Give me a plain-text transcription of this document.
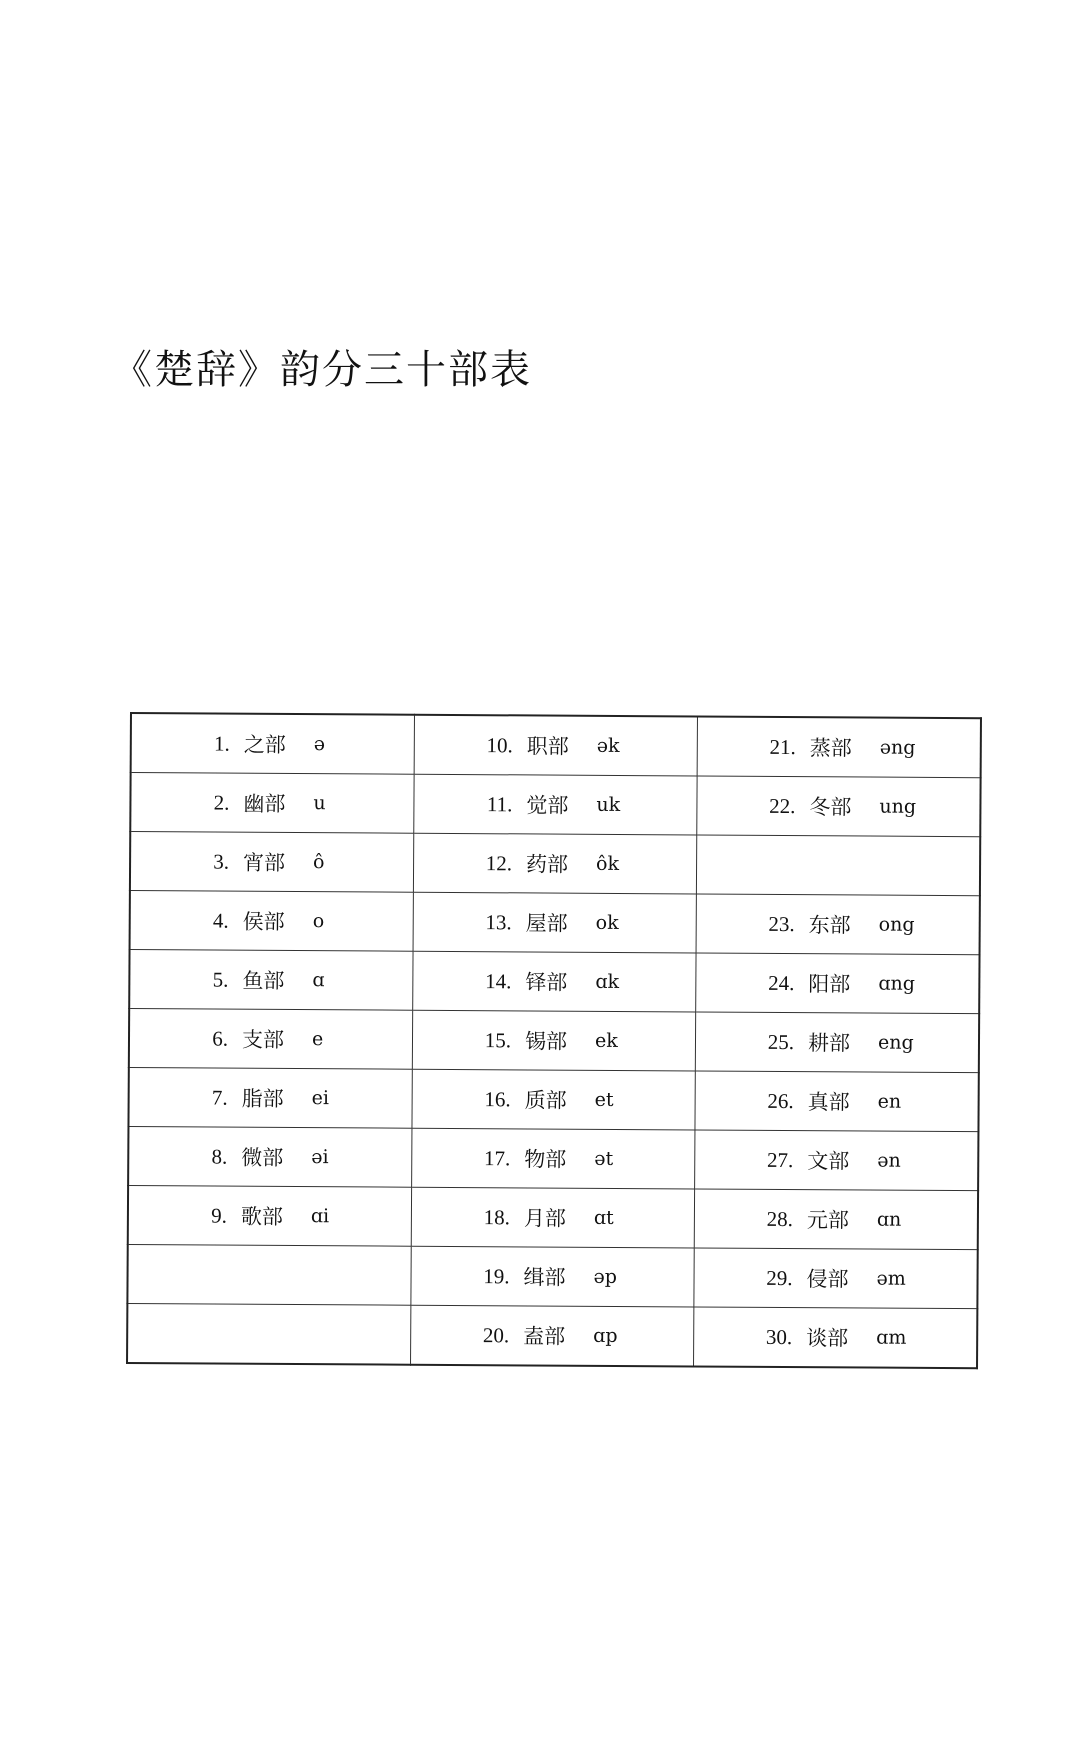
《楚辞》韵分三十部表
1. 之部 ə	10. 职部 ək	21. 蒸部 əng

2. 幽部 u	11. 觉部 uk	22. 冬部 ung

3. 宵部 ô	12. 药部 ôk	

4. 侯部 o	13. 屋部 ok	23. 东部 ong

5. 鱼部 ɑ	14. 铎部 ɑk	24. 阳部 ɑng

6. 支部 e	15. 锡部 ek	25. 耕部 eng

7. 脂部 ei	16. 质部 et	26. 真部 en

8. 微部 əi	17. 物部 ət	27. 文部 ən

9. 歌部 ɑi	18. 月部 ɑt	28. 元部 ɑn

	19. 缉部 əp	29. 侵部 əm

	20. 盍部 ɑp	30. 谈部 ɑm
